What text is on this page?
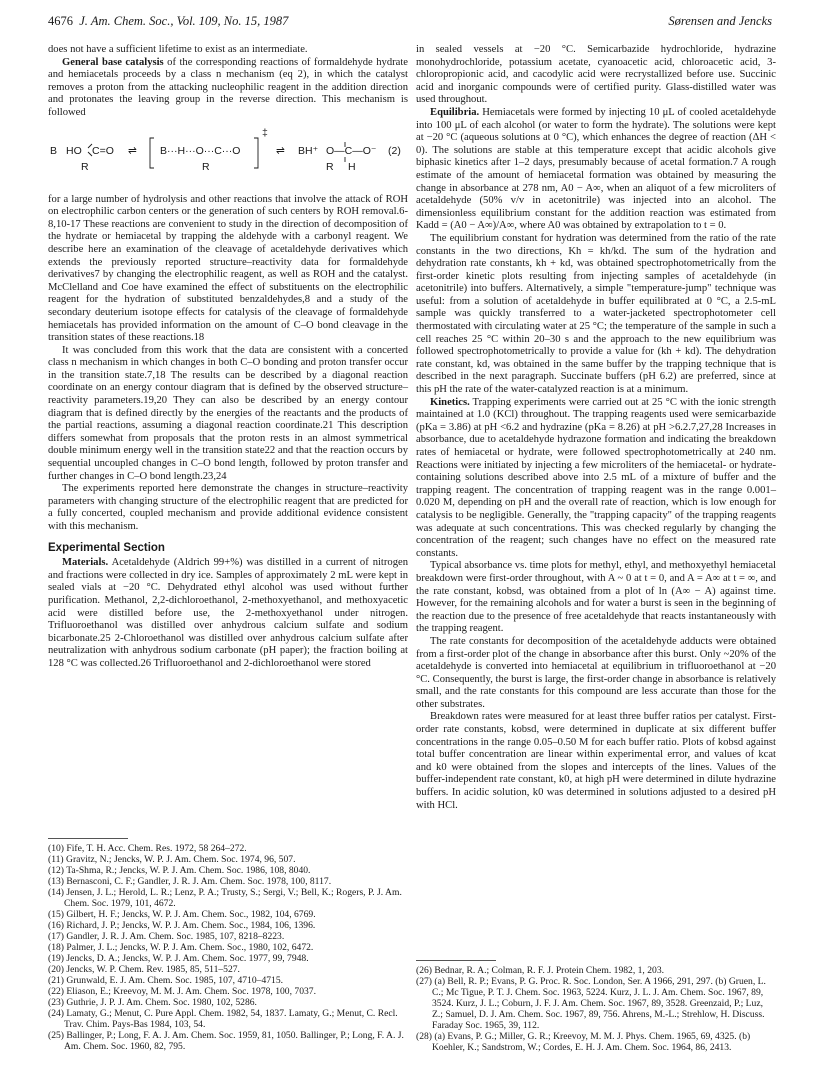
4676 J. Am. Chem. Soc., Vol. 109, No. 15, 1987	Sørensen and Jencks

does not have a sufficient lifetime to exist as an intermediate.

General base catalysis of the corresponding reactions of formaldehyde hydrate and hemiacetals proceeds by a class n mechanism (eq 2), in which the catalyst removes a proton from the attacking nucleophilic reagent in the addition direction and protonates the leaving group in the reverse direction. This mechanism is followed

B HO C=O
R
⇌ B···H···O···C···O
R
‡
⇌ BH⁺ O—C—O⁻
R H
(2)

for a large number of hydrolysis and other reactions that involve the attack of ROH on electrophilic carbon centers or the generation of such centers by ROH removal.6-8,10-17 These reactions are convenient to study in the direction of decomposition of the hydrate or hemiacetal by trapping the aldehyde with a carbonyl reagent. We describe here an examination of the cleavage of acetaldehyde derivatives which extends the previously reported structure–reactivity data for formaldehyde derivatives7 by changing the electrophilic reagent, as well as ROH and the catalyst. McClelland and Coe have examined the effect of substituents on the electrophilic reagent for the hydration of substituted benzaldehydes,8 and a study of the secondary deuterium isotope effects for catalysis of the cleavage of formaldehyde hemiacetals has provided information on the amount of C–O bond cleavage in the transition states of these reactions.18

It was concluded from this work that the data are consistent with a concerted class n mechanism in which changes in both C–O bonding and proton transfer occur in the transition state.7,18 The results can be described by a diagonal reaction coordinate on an energy contour diagram that is defined by the observed structure–reactivity parameters.19,20 They can also be described by an energy contour diagram that is defined directly by the energies of the reactants and the products of the partial reactions, assuming a diagonal reaction coordinate.21 This description differs somewhat from proposals that the proton rests in an almost symmetrical double minimum energy well in the transition state22 and that the reaction occurs by sequential uncoupled changes in C–O bond length, followed by proton transfer and further changes in C–O bond length.23,24

The experiments reported here demonstrate the changes in structure–reactivity parameters with changing structure of the electrophilic reagent that are predicted for a fully concerted, coupled mechanism and provide additional evidence consistent with this mechanism.

Experimental Section

Materials. Acetaldehyde (Aldrich 99+%) was distilled in a current of nitrogen and fractions were collected in dry ice. Samples of approximately 2 mL were kept in sealed vials at −20 °C. Dehydrated ethyl alcohol was used without further purification. Methanol, 2,2-dichloroethanol, 2-methoxyethanol, and methoxyacetic acid were distilled before use, the 2-methoxyethanol under nitrogen. Trifluoroethanol was distilled over anhydrous calcium sulfate and sodium bicarbonate.25 2-Chloroethanol was distilled over anhydrous calcium sulfate after neutralization with anhydrous sodium carbonate (pH paper); the fraction boiling at 128 °C was collected.26 Trifluoroethanol and 2-dichloroethanol were stored

in sealed vessels at −20 °C. Semicarbazide hydrochloride, hydrazine monohydrochloride, potassium acetate, cyanoacetic acid, chloroacetic acid, 3-chloropropionic acid, and cacodylic acid were recrystallized before use. Succinic acid and inorganic compounds were of certified purity. Glass-distilled water was used throughout.

Equilibria. Hemiacetals were formed by injecting 10 μL of cooled acetaldehyde into 100 μL of each alcohol (or water to form the hydrate). The solutions were kept at −20 °C (aqueous solutions at 0 °C), which enhances the degree of reaction (ΔH < 0). The solutions are stable at this temperature except that acidic alcohols give biphasic kinetics after 1–2 days, presumably because of acetal formation.7 A rough estimate of the amount of hemiacetal formation was obtained by measuring the change in absorbance at 278 nm, A0 − A∞, when an aliquot of a few microliters of acetaldehyde (50% v/v in acetonitrile) was injected into an alcohol. The dimensionless equilibrium constant for the addition reaction was estimated from Kadd = (A0 − A∞)/A∞, where A0 was obtained by extrapolation to t = 0.

The equilibrium constant for hydration was determined from the ratio of the rate constants in the two directions, Kh = kh/kd. The sum of the hydration and dehydration rate constants, kh + kd, was obtained spectrophotometrically from the first-order kinetic plots resulting from injecting samples of acetaldehyde (in acetonitrile) into buffers. Alternatively, a simple "temperature-jump" technique was useful: from a solution of acetaldehyde in buffer equilibrated at 0 °C, a 2.5-mL sample was quickly transferred to a water-jacketed spectrophotometer cell thermostated with circulating water at 25 °C; the temperature of the sample in such a cell reaches 25 °C within 20–30 s and the approach to the new equilibrium was followed spectrophotometrically to provide a value for (kh + kd). The dehydration rate constant, kd, was obtained in the same buffer by the trapping technique that is described in the next paragraph. Succinate buffers (pH 6.2) are preferred, since at this pH the rate of the water-catalyzed reaction is at a minimum.

Kinetics. Trapping experiments were carried out at 25 °C with the ionic strength maintained at 1.0 (KCl) throughout. The trapping reagents used were semicarbazide (pKa = 3.86) at pH <6.2 and hydrazine (pKa = 8.26) at pH >6.2.7,27,28 Increases in absorbance, due to acetaldehyde hydrazone formation and indicating the breakdown rates of hemiacetal or hydrate, were followed spectrophotometrically at 240 nm. Reactions were initiated by injecting a few microliters of the hemiacetal- or hydrate-containing solutions described above into 2.5 mL of a mixture of buffer and the trapping reagent. The concentration of trapping reagent was in the range 0.001–0.020 M, depending on pH and the overall rate of reaction, which is low enough for catalysis to be negligible. Generally, the "trapping capacity" of the trapping reagents was adequate at such concentrations. This was checked regularly by changing the concentration of the reagent; such changes have no effect on the measured rate constants.

Typical absorbance vs. time plots for methyl, ethyl, and methoxyethyl hemiacetal breakdown were first-order throughout, with A ~ 0 at t = 0, and A = A∞ at t = ∞, and the rate constant, kobsd, was obtained from a plot of ln (A∞ − A) against time. However, for the remaining alcohols and for water a burst is seen in the beginning of the reaction due to the presence of free acetaldehyde that reacts instantaneously with the trapping reagent.

The rate constants for decomposition of the acetaldehyde adducts were obtained from a first-order plot of the change in absorbance after this burst. Only ~20% of the acetaldehyde is converted into hemiacetal at equilibrium in trifluoroethanol at −20 °C. Consequently, the burst is large, the first-order change in absorbance is relatively small, and the rate constants for this compound are less accurate than those for the other substrates.

Breakdown rates were measured for at least three buffer ratios per catalyst. First-order rate constants, kobsd, were determined in duplicate at six different buffer concentrations in the range 0.05–0.50 M for each buffer ratio. Plots of kobsd against total buffer concentration are linear within experimental error, and values of kcat and k0 were obtained from the slopes and intercepts of the lines. Values of the buffer-independent rate constant, k0, at high pH were determined in dilute hydrazine buffers. In acidic solution, k0 was determined in solutions adjusted to a desired pH with HCl.

(10) Fife, T. H. Acc. Chem. Res. 1972, 58 264–272.
(11) Gravitz, N.; Jencks, W. P. J. Am. Chem. Soc. 1974, 96, 507.
(12) Ta-Shma, R.; Jencks, W. P. J. Am. Chem. Soc. 1986, 108, 8040.
(13) Bernasconi, C. F.; Gandler, J. R. J. Am. Chem. Soc. 1978, 100, 8117.
(14) Jensen, J. L.; Herold, L. R.; Lenz, P. A.; Trusty, S.; Sergi, V.; Bell, K.; Rogers, P. J. Am. Chem. Soc. 1979, 101, 4672.
(15) Gilbert, H. F.; Jencks, W. P. J. Am. Chem. Soc., 1982, 104, 6769.
(16) Richard, J. P.; Jencks, W. P. J. Am. Chem. Soc., 1984, 106, 1396.
(17) Gandler, J. R. J. Am. Chem. Soc. 1985, 107, 8218–8223.
(18) Palmer, J. L.; Jencks, W. P. J. Am. Chem. Soc., 1980, 102, 6472.
(19) Jencks, D. A.; Jencks, W. P. J. Am. Chem. Soc. 1977, 99, 7948.
(20) Jencks, W. P. Chem. Rev. 1985, 85, 511–527.
(21) Grunwald, E. J. Am. Chem. Soc. 1985, 107, 4710–4715.
(22) Eliason, E.; Kreevoy, M. M. J. Am. Chem. Soc. 1978, 100, 7037.
(23) Guthrie, J. P. J. Am. Chem. Soc. 1980, 102, 5286.
(24) Lamaty, G.; Menut, C. Pure Appl. Chem. 1982, 54, 1837. Lamaty, G.; Menut, C. Recl. Trav. Chim. Pays-Bas 1984, 103, 54.
(25) Ballinger, P.; Long, F. A. J. Am. Chem. Soc. 1959, 81, 1050. Ballinger, P.; Long, F. A. J. Am. Chem. Soc. 1960, 82, 795.
(26) Bednar, R. A.; Colman, R. F. J. Protein Chem. 1982, 1, 203.
(27) (a) Bell, R. P.; Evans, P. G. Proc. R. Soc. London, Ser. A 1966, 291, 297. (b) Gruen, L. C.; Mc Tigue, P. T. J. Chem. Soc. 1963, 5224. Kurz, J. L. J. Am. Chem. Soc. 1967, 89, 3524. Kurz, J. L.; Coburn, J. F. J. Am. Chem. Soc. 1967, 89, 3528. Greenzaid, P.; Luz, Z.; Samuel, D. J. Am. Chem. Soc. 1967, 89, 756. Ahrens, M.-L.; Strehlow, H. Discuss. Faraday Soc. 1965, 39, 112.
(28) (a) Evans, P. G.; Miller, G. R.; Kreevoy, M. M. J. Phys. Chem. 1965, 69, 4325. (b) Koehler, K.; Sandstrom, W.; Cordes, E. H. J. Am. Chem. Soc. 1964, 86, 2413.
